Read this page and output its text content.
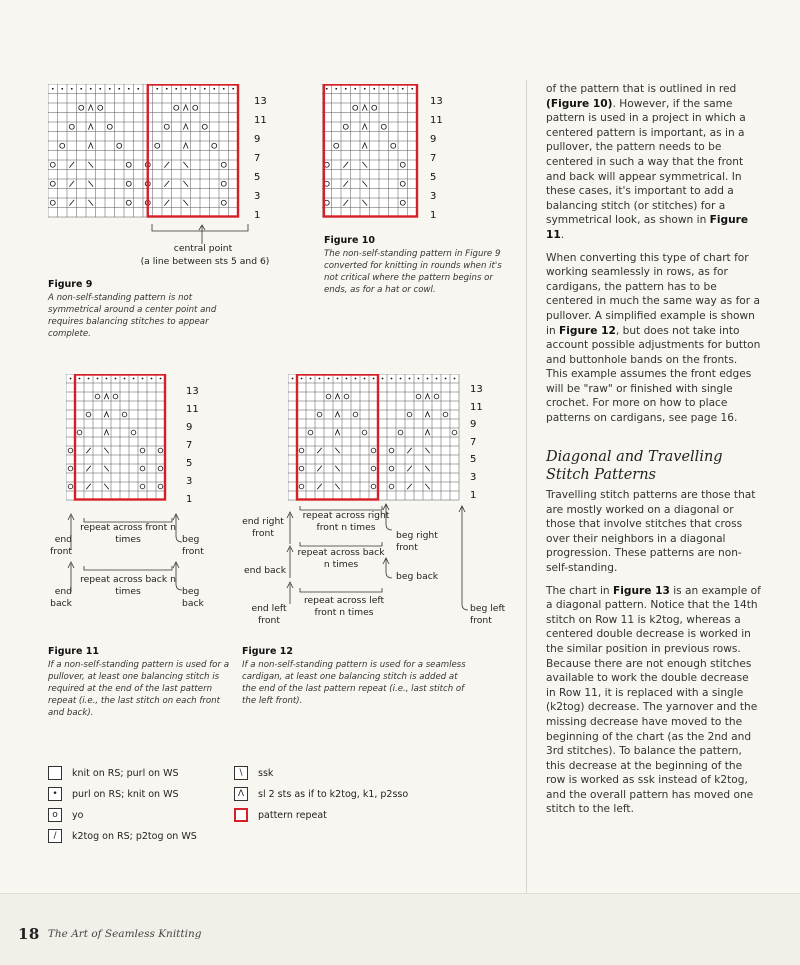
13
11
9
7
5
3
1
central point
(a line between sts 5 and 6)
Figure 9
A non-self-standing pattern is not symmetrical around a center point and requires balancing stitches to appear complete.
13
11
9
7
5
3
1
Figure 10
The non-self-standing pattern in Figure 9 converted for knitting in rounds when it's not critical where the pattern begins or ends, as for a hat or cowl.
13
11
9
7
5
3
1
repeat across front n times
end front
beg front
repeat across back n times
end back
beg back
Figure 11
If a non-self-standing pattern is used for a pullover, at least one balancing stitch is required at the end of the last pattern repeat (i.e., the last stitch on each front and back).
13
11
9
7
5
3
1
repeat across right front n times
end right front	beg right front
repeat across back n times
end back
beg back
repeat across left front n times
end left front
beg left front
Figure 12
If a non-self-standing pattern is used for a seamless cardigan, at least one balancing stitch is added at the end of the last pattern repeat (i.e., last stitch of the left front).
knit on RS; purl on WS
•	purl on RS; knit on WS
o	yo
/	k2tog on RS; p2tog on WS
\	ssk
Λ	sl 2 sts as if to k2tog, k1, p2sso
pattern repeat

of the pattern that is outlined in red (Figure 10). However, if the same pattern is used in a project in which a centered pattern is important, as in a pullover, the pattern needs to be centered in such a way that the front and back will appear symmetrical. In these cases, it's important to add a balancing stitch (or stitches) for a symmetrical look, as shown in Figure 11.

When converting this type of chart for working seamlessly in rows, as for cardigans, the pattern has to be centered in much the same way as for a pullover. A simplified example is shown in Figure 12, but does not take into account possible adjustments for button and buttonhole bands on the fronts. This example assumes the front edges will be "raw" or finished with single crochet. For more on how to place patterns on cardigans, see page 16.

Diagonal and Travelling Stitch Patterns

Travelling stitch patterns are those that are mostly worked on a diagonal or those that involve stitches that cross over their neighbors in a diagonal progression. These patterns are non-self-standing.

The chart in Figure 13 is an example of a diagonal pattern. Notice that the 14th stitch on Row 11 is k2tog, whereas a centered double decrease is worked in the similar position in previous rows. Because there are not enough stitches available to work the double decrease in Row 11, it is replaced with a single (k2tog) decrease. The yarnover and the missing decrease have moved to the beginning of the chart (as the 2nd and 3rd stitches). To balance the pattern, this decrease at the beginning of the row is worked as ssk instead of k2tog, and the overall pattern has moved one stitch to the left.

18 The Art of Seamless Knitting
